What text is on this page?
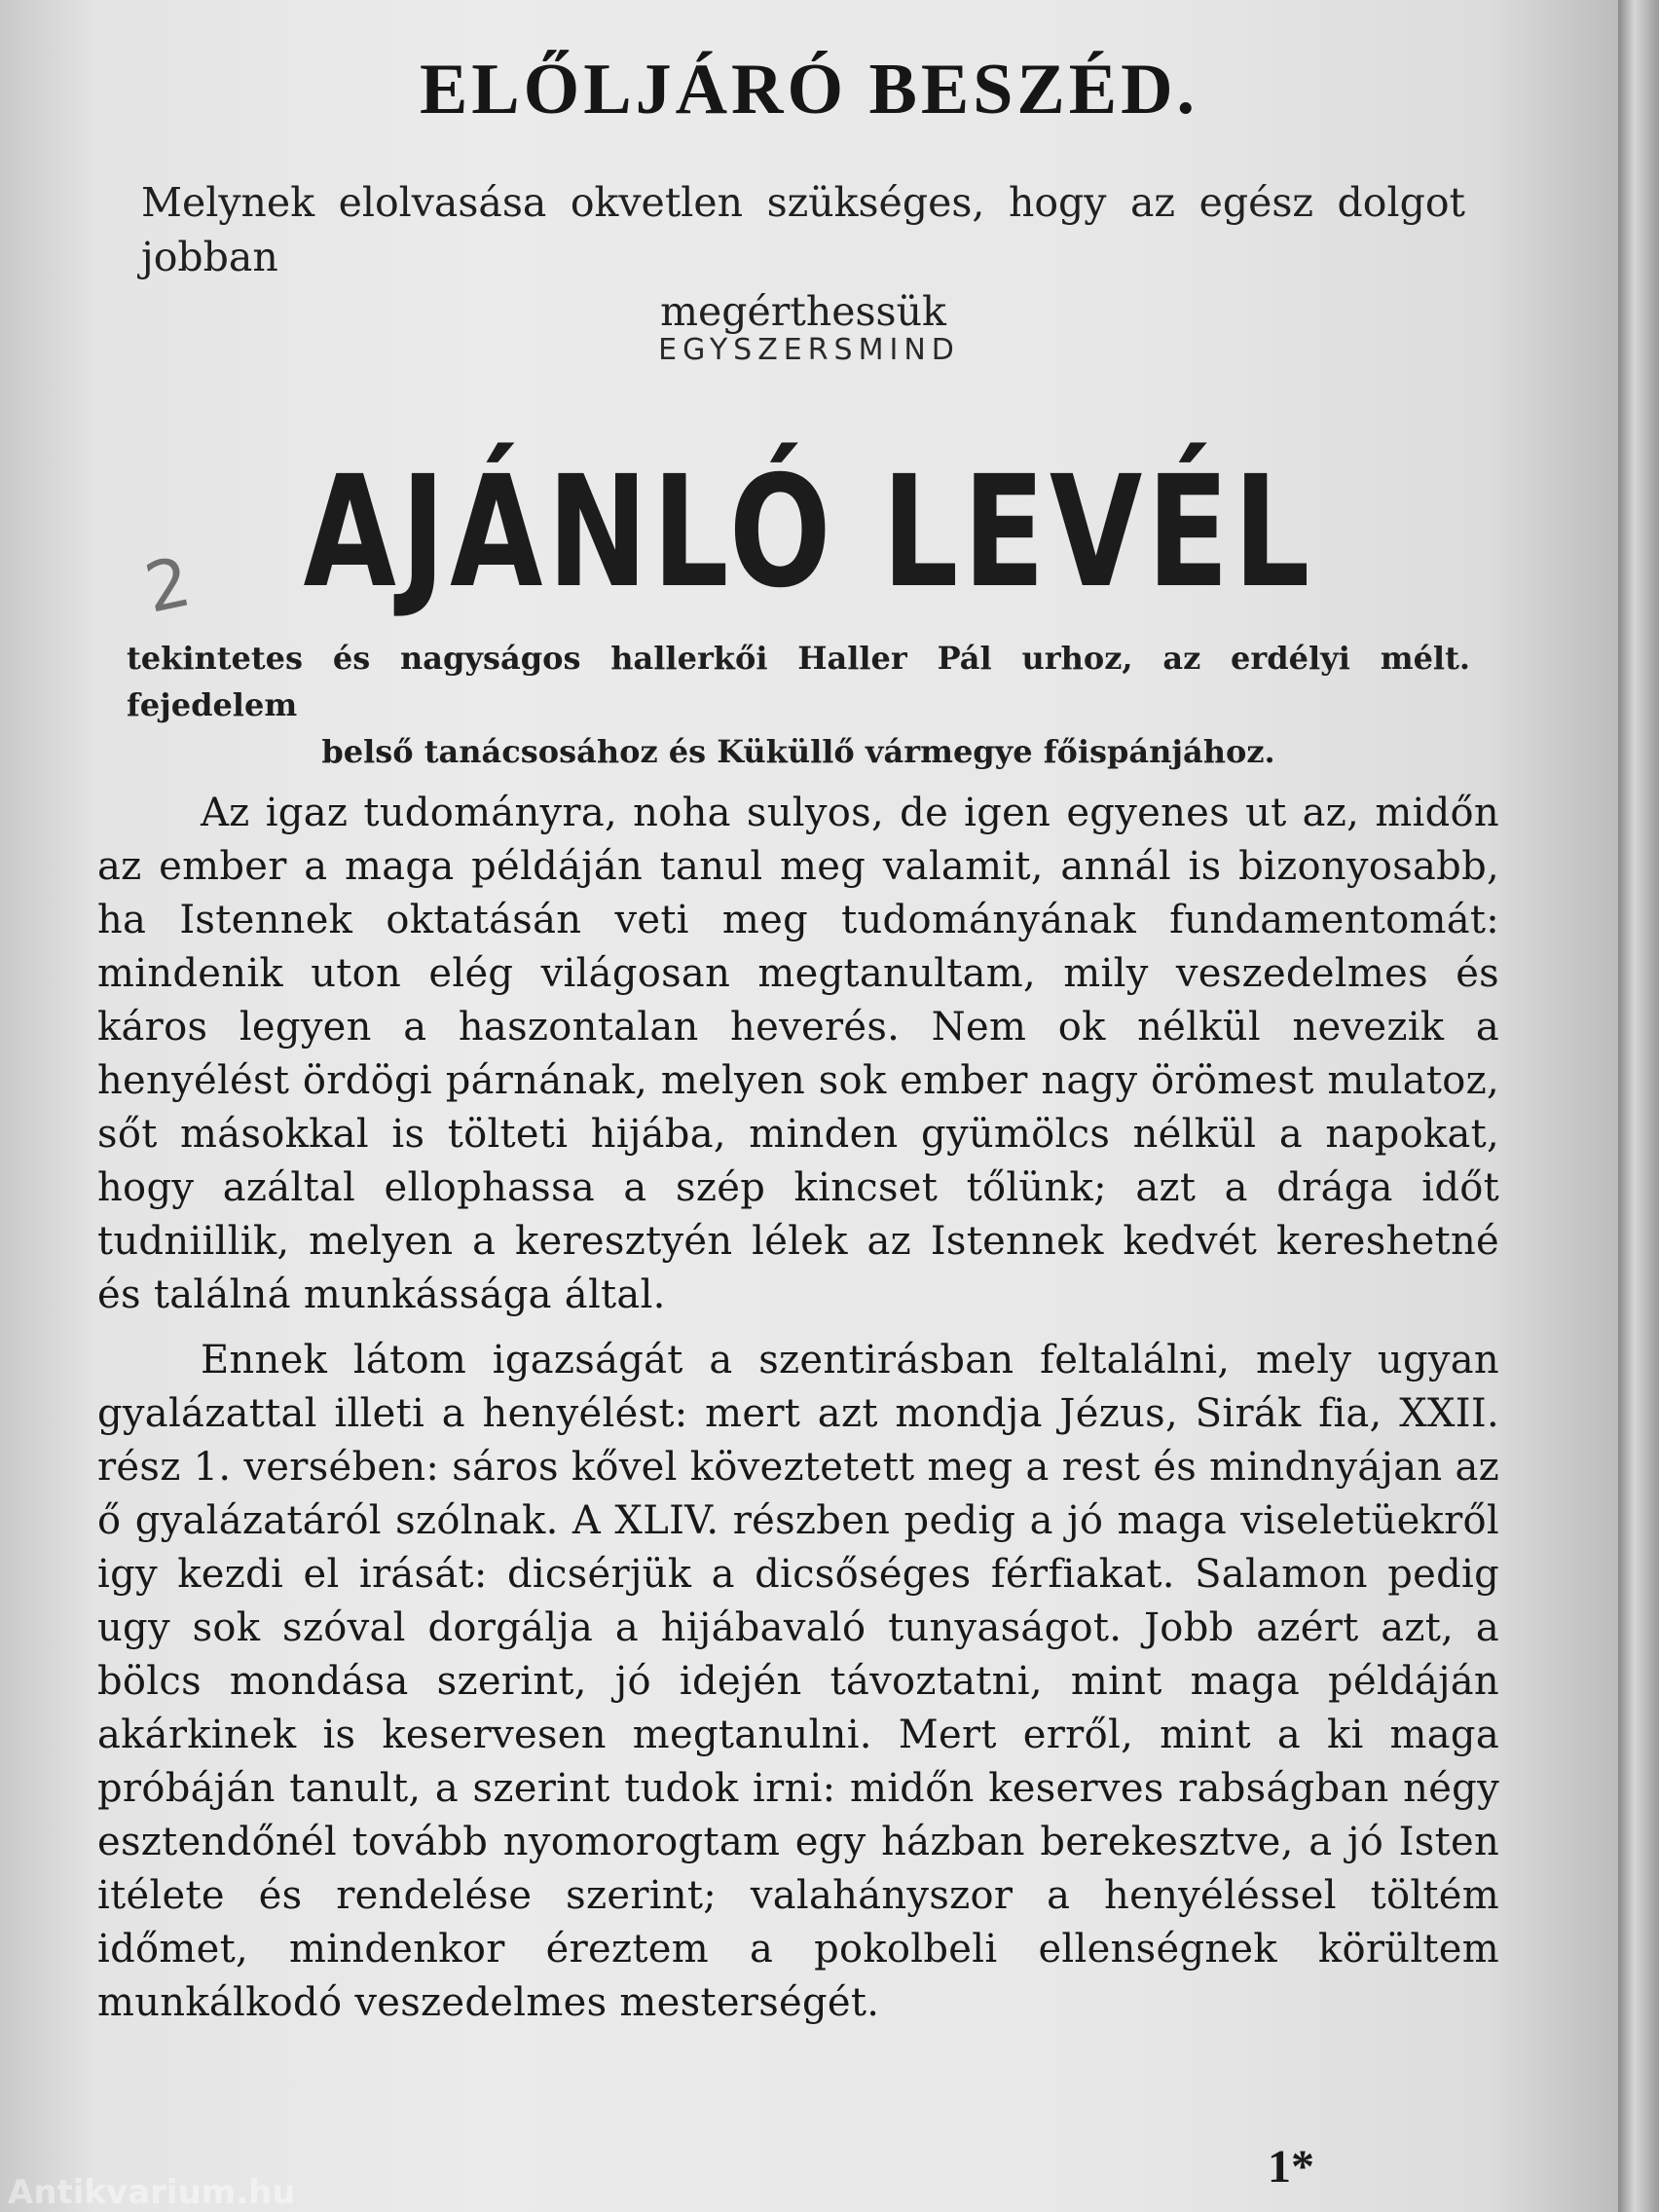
ELŐLJÁRÓ BESZÉD.
Melynek elolvasása okvetlen szükséges, hogy az egész dolgot jobban
megérthessük
EGYSZERSMIND
2 AJÁNLÓ LEVÉL
tekintetes és nagyságos hallerkői Haller Pál urhoz, az erdélyi mélt. fejedelem
belső tanácsosához és Küküllő vármegye főispánjához.

Az igaz tudományra, noha sulyos, de igen egyenes ut az, midőn az ember a maga példáján tanul meg valamit, annál is bizonyosabb, ha Istennek oktatásán veti meg tudományának fundamentomát: mindenik uton elég világosan megtanultam, mily veszedelmes és káros legyen a haszontalan heverés. Nem ok nélkül nevezik a henyélést ördögi párnának, melyen sok ember nagy örömest mulatoz, sőt másokkal is tölteti hijába, minden gyümölcs nélkül a napokat, hogy azáltal ellophassa a szép kincset tőlünk; azt a drága időt tudniillik, melyen a keresztyén lélek az Istennek kedvét kereshetné és találná munkássága által.

Ennek látom igazságát a szentirásban feltalálni, mely ugyan gyalázattal illeti a henyélést: mert azt mondja Jézus, Sirák fia, XXII. rész 1. versében: sáros kővel köveztetett meg a rest és mindnyájan az ő gyalázatáról szólnak. A XLIV. részben pedig a jó maga viseletüekről igy kezdi el irását: dicsérjük a dicsőséges férfiakat. Salamon pedig ugy sok szóval dorgálja a hijábavaló tunyaságot. Jobb azért azt, a bölcs mondása szerint, jó idején távoztatni, mint maga példáján akárkinek is keservesen megtanulni. Mert erről, mint a ki maga próbáján tanult, a szerint tudok irni: midőn keserves rabságban négy esztendőnél tovább nyomorogtam egy házban berekesztve, a jó Isten itélete és rendelése szerint; valahányszor a henyéléssel töltém időmet, mindenkor éreztem a pokolbeli ellenségnek körültem munkálkodó veszedelmes mesterségét.

1*
Antikvarium.hu
